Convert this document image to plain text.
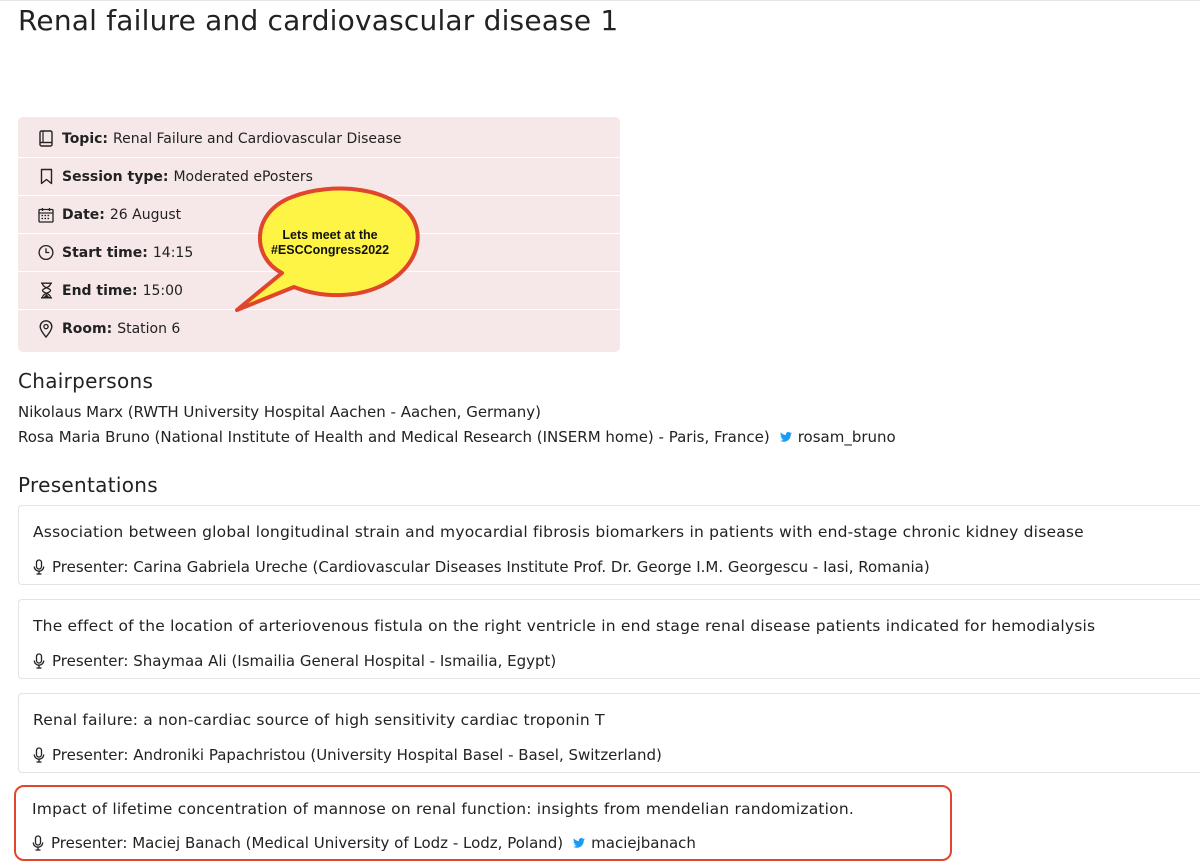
Renal failure and cardiovascular disease 1
Topic: Renal Failure and Cardiovascular Disease
Session type: Moderated ePosters
Date: 26 August
Start time: 14:15
End time: 15:00
Room: Station 6
Lets meet at the
#ESCCongress2022
Chairpersons
Nikolaus Marx (RWTH University Hospital Aachen - Aachen, Germany)
Rosa Maria Bruno (National Institute of Health and Medical Research (INSERM home) - Paris, France) rosam_bruno
Presentations
Association between global longitudinal strain and myocardial fibrosis biomarkers in patients with end-stage chronic kidney disease
Presenter: Carina Gabriela Ureche (Cardiovascular Diseases Institute Prof. Dr. George I.M. Georgescu - Iasi, Romania)
The effect of the location of arteriovenous fistula on the right ventricle in end stage renal disease patients indicated for hemodialysis
Presenter: Shaymaa Ali (Ismailia General Hospital - Ismailia, Egypt)
Renal failure: a non-cardiac source of high sensitivity cardiac troponin T
Presenter: Androniki Papachristou (University Hospital Basel - Basel, Switzerland)
Impact of lifetime concentration of mannose on renal function: insights from mendelian randomization.
Presenter: Maciej Banach (Medical University of Lodz - Lodz, Poland) maciejbanach
